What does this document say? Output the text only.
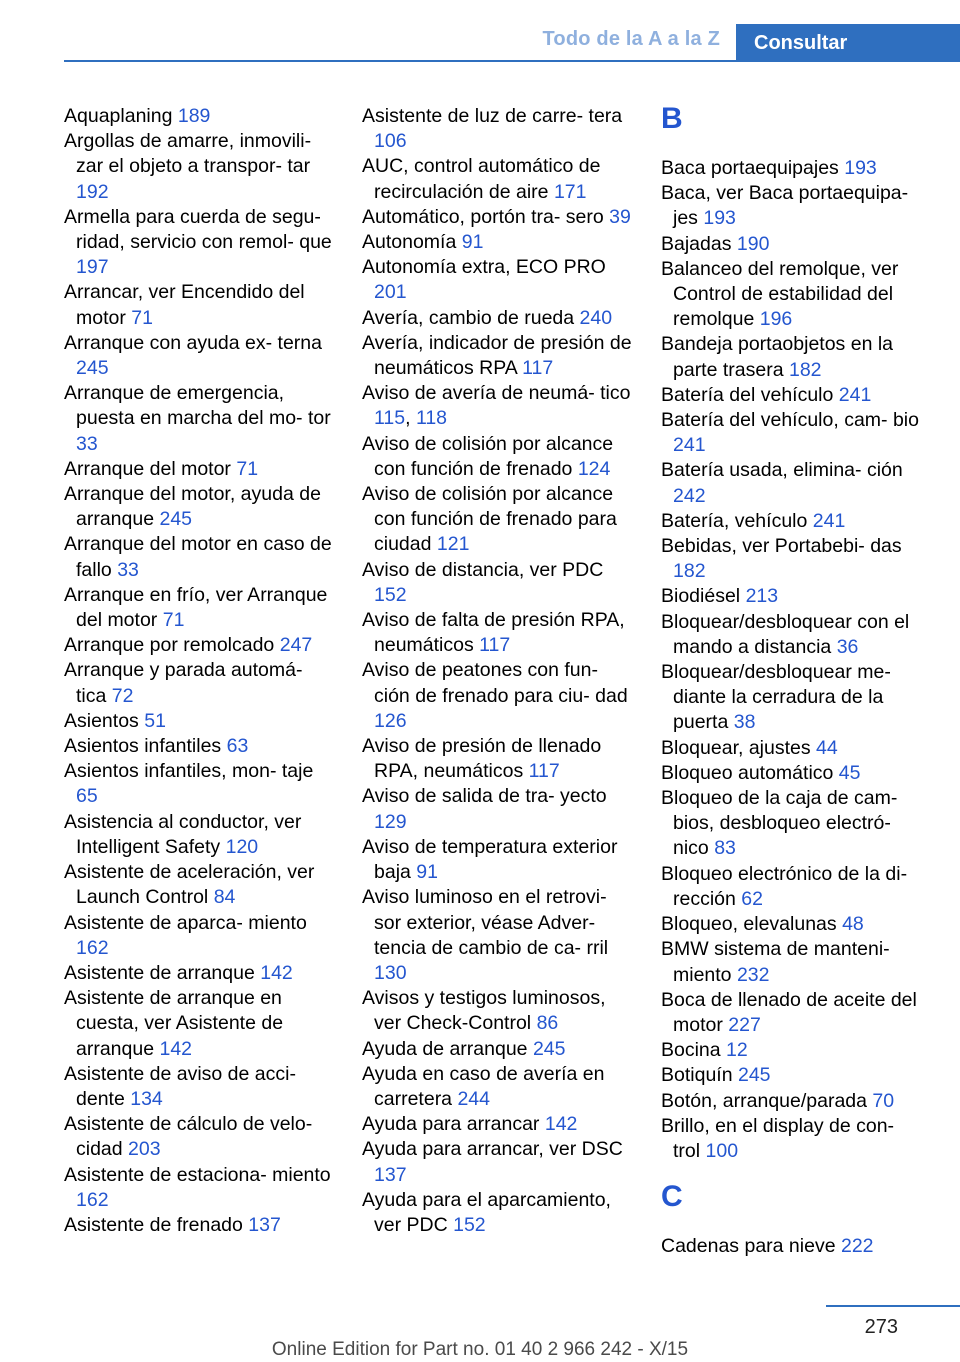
Todo de la A a la Z	Consultar
Aquaplaning 189
Argollas de amarre, inmovili‐ zar el objeto a transpor‐ tar 192
Armella para cuerda de segu‐ ridad, servicio con remol‐ que 197
Arrancar, ver Encendido del motor 71
Arranque con ayuda ex‐ terna 245
Arranque de emergencia, puesta en marcha del mo‐ tor 33
Arranque del motor 71
Arranque del motor, ayuda de arranque 245
Arranque del motor en caso de fallo 33
Arranque en frío, ver Arranque del motor 71
Arranque por remolcado 247
Arranque y parada automá‐ tica 72
Asientos 51
Asientos infantiles 63
Asientos infantiles, mon‐ taje 65
Asistencia al conductor, ver Intelligent Safety 120
Asistente de aceleración, ver Launch Control 84
Asistente de aparca‐ miento 162
Asistente de arranque 142
Asistente de arranque en cuesta, ver Asistente de arranque 142
Asistente de aviso de acci‐ dente 134
Asistente de cálculo de velo‐ cidad 203
Asistente de estaciona‐ miento 162
Asistente de frenado 137
Asistente de luz de carre‐ tera 106
AUC, control automático de recirculación de aire 171
Automático, portón tra‐ sero 39
Autonomía 91
Autonomía extra, ECO PRO 201
Avería, cambio de rueda 240
Avería, indicador de presión de neumáticos RPA 117
Aviso de avería de neumá‐ tico 115, 118
Aviso de colisión por alcance con función de frenado 124
Aviso de colisión por alcance con función de frenado para ciudad 121
Aviso de distancia, ver PDC 152
Aviso de falta de presión RPA, neumáticos 117
Aviso de peatones con fun‐ ción de frenado para ciu‐ dad 126
Aviso de presión de llenado RPA, neumáticos 117
Aviso de salida de tra‐ yecto 129
Aviso de temperatura exterior baja 91
Aviso luminoso en el retrovi‐ sor exterior, véase Adver‐ tencia de cambio de ca‐ rril 130
Avisos y testigos luminosos, ver Check-Control 86
Ayuda de arranque 245
Ayuda en caso de avería en carretera 244
Ayuda para arrancar 142
Ayuda para arrancar, ver DSC 137
Ayuda para el aparcamiento, ver PDC 152
B
Baca portaequipajes 193
Baca, ver Baca portaequipa‐ jes 193
Bajadas 190
Balanceo del remolque, ver Control de estabilidad del remolque 196
Bandeja portaobjetos en la parte trasera 182
Batería del vehículo 241
Batería del vehículo, cam‐ bio 241
Batería usada, elimina‐ ción 242
Batería, vehículo 241
Bebidas, ver Portabebi‐ das 182
Biodiésel 213
Bloquear/desbloquear con el mando a distancia 36
Bloquear/desbloquear me‐ diante la cerradura de la puerta 38
Bloquear, ajustes 44
Bloqueo automático 45
Bloqueo de la caja de cam‐ bios, desbloqueo electró‐ nico 83
Bloqueo electrónico de la di‐ rección 62
Bloqueo, elevalunas 48
BMW sistema de manteni‐ miento 232
Boca de llenado de aceite del motor 227
Bocina 12
Botiquín 245
Botón, arranque/parada 70
Brillo, en el display de con‐ trol 100
C
Cadenas para nieve 222
273
Online Edition for Part no. 01 40 2 966 242 - X/15
